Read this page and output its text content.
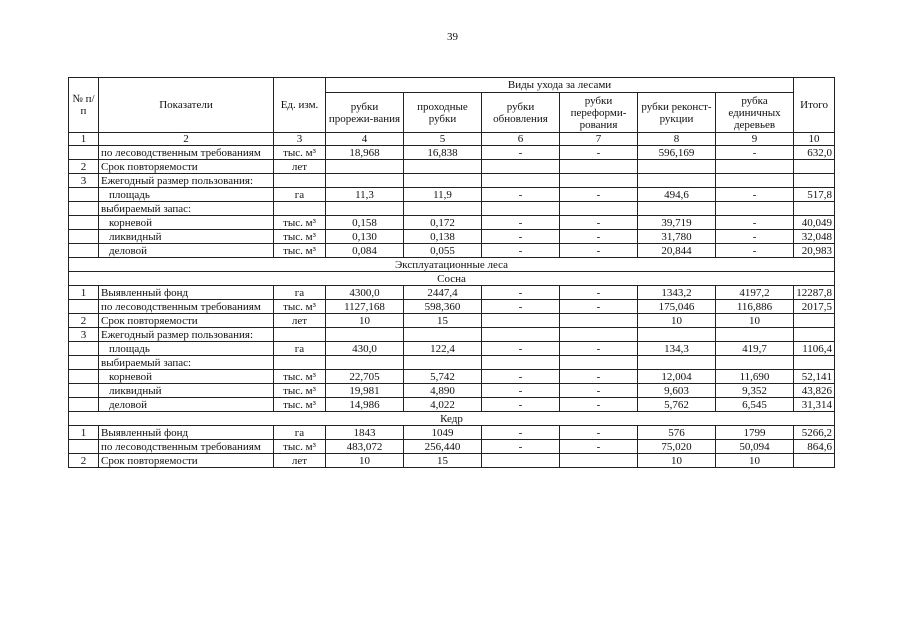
39
№ п/п	Показатели	Ед. изм.	Виды ухода за лесами						Итого
			рубки прорежи-вания	проходные рубки	рубки обновления	рубки переформи-рования	рубки реконст-рукции	рубка единичных деревьев	
1	2	3	4	5	6	7	8	9	10
	по лесоводственным требованиям	тыс. м³	18,968	16,838	-	-	596,169	-	632,0
2	Срок повторяемости	лет							
3	Ежегодный размер пользования:								
	площадь	га	11,3	11,9	-	-	494,6	-	517,8
	выбираемый запас:								
	корневой	тыс. м³	0,158	0,172	-	-	39,719	-	40,049
	ликвидный	тыс. м³	0,130	0,138	-	-	31,780	-	32,048
	деловой	тыс. м³	0,084	0,055	-	-	20,844	-	20,983
Эксплуатационные леса									
Сосна									
1	Выявленный фонд	га	4300,0	2447,4	-	-	1343,2	4197,2	12287,8
	по лесоводственным требованиям	тыс. м³	1127,168	598,360	-	-	175,046	116,886	2017,5
2	Срок повторяемости	лет	10	15			10	10	
3	Ежегодный размер пользования:								
	площадь	га	430,0	122,4	-	-	134,3	419,7	1106,4
	выбираемый запас:								
	корневой	тыс. м³	22,705	5,742	-	-	12,004	11,690	52,141
	ликвидный	тыс. м³	19,981	4,890	-	-	9,603	9,352	43,826
	деловой	тыс. м³	14,986	4,022	-	-	5,762	6,545	31,314
Кедр									
1	Выявленный фонд	га	1843	1049	-	-	576	1799	5266,2
	по лесоводственным требованиям	тыс. м³	483,072	256,440	-	-	75,020	50,094	864,6
2	Срок повторяемости	лет	10	15			10	10	
